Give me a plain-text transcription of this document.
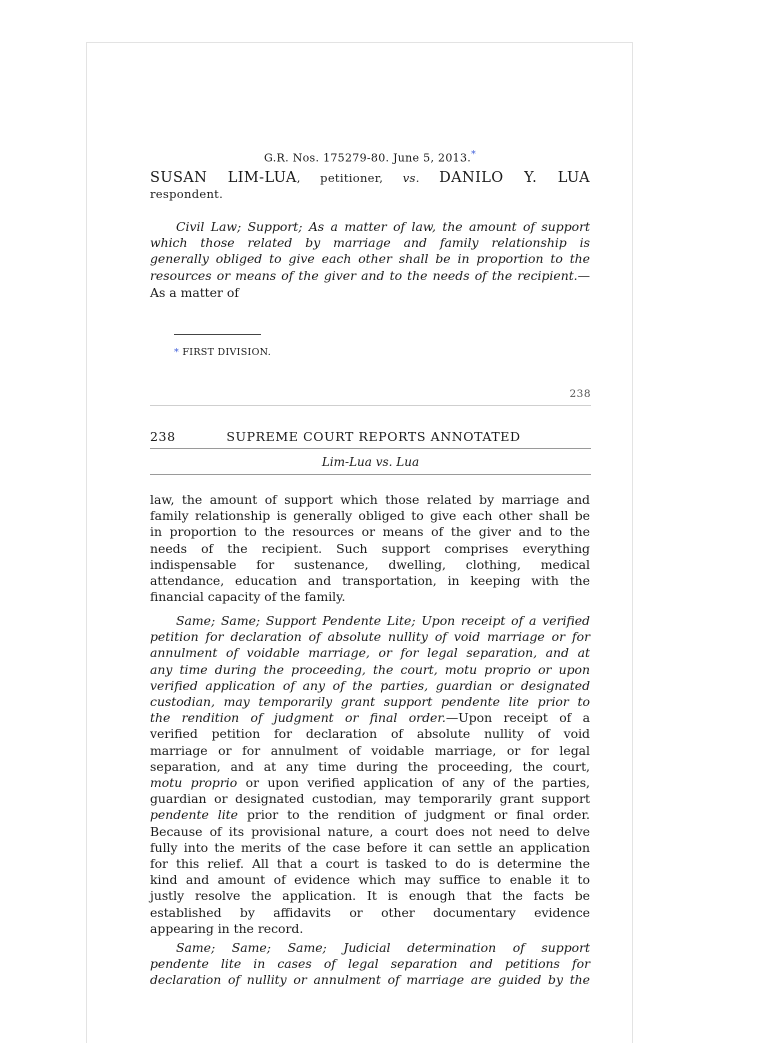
G.R. Nos. 175279-80. June 5, 2013.*
SUSAN LIM-LUA, petitioner, vs. DANILO Y. LUA
respondent.
Civil Law; Support; As a matter of law, the amount of support
which those related by marriage and family relationship is
generally obliged to give each other shall be in proportion to the
resources or means of the giver and to the needs of the recipient.—
As a matter of
* FIRST DIVISION.
238
238	SUPREME COURT REPORTS ANNOTATED
Lim-Lua vs. Lua
law, the amount of support which those related by marriage and
family relationship is generally obliged to give each other shall be
in proportion to the resources or means of the giver and to the
needs of the recipient. Such support comprises everything
indispensable for sustenance, dwelling, clothing, medical
attendance, education and transportation, in keeping with the
financial capacity of the family.
Same; Same; Support Pendente Lite; Upon receipt of a verified
petition for declaration of absolute nullity of void marriage or for
annulment of voidable marriage, or for legal separation, and at
any time during the proceeding, the court, motu proprio or upon
verified application of any of the parties, guardian or designated
custodian, may temporarily grant support pendente lite prior to
the rendition of judgment or final order.—Upon receipt of a
verified petition for declaration of absolute nullity of void
marriage or for annulment of voidable marriage, or for legal
separation, and at any time during the proceeding, the court,
motu proprio or upon verified application of any of the parties,
guardian or designated custodian, may temporarily grant support
pendente lite prior to the rendition of judgment or final order.
Because of its provisional nature, a court does not need to delve
fully into the merits of the case before it can settle an application
for this relief. All that a court is tasked to do is determine the
kind and amount of evidence which may suffice to enable it to
justly resolve the application. It is enough that the facts be
established by affidavits or other documentary evidence
appearing in the record.
Same; Same; Same; Judicial determination of support
pendente lite in cases of legal separation and petitions for
declaration of nullity or annulment of marriage are guided by the
